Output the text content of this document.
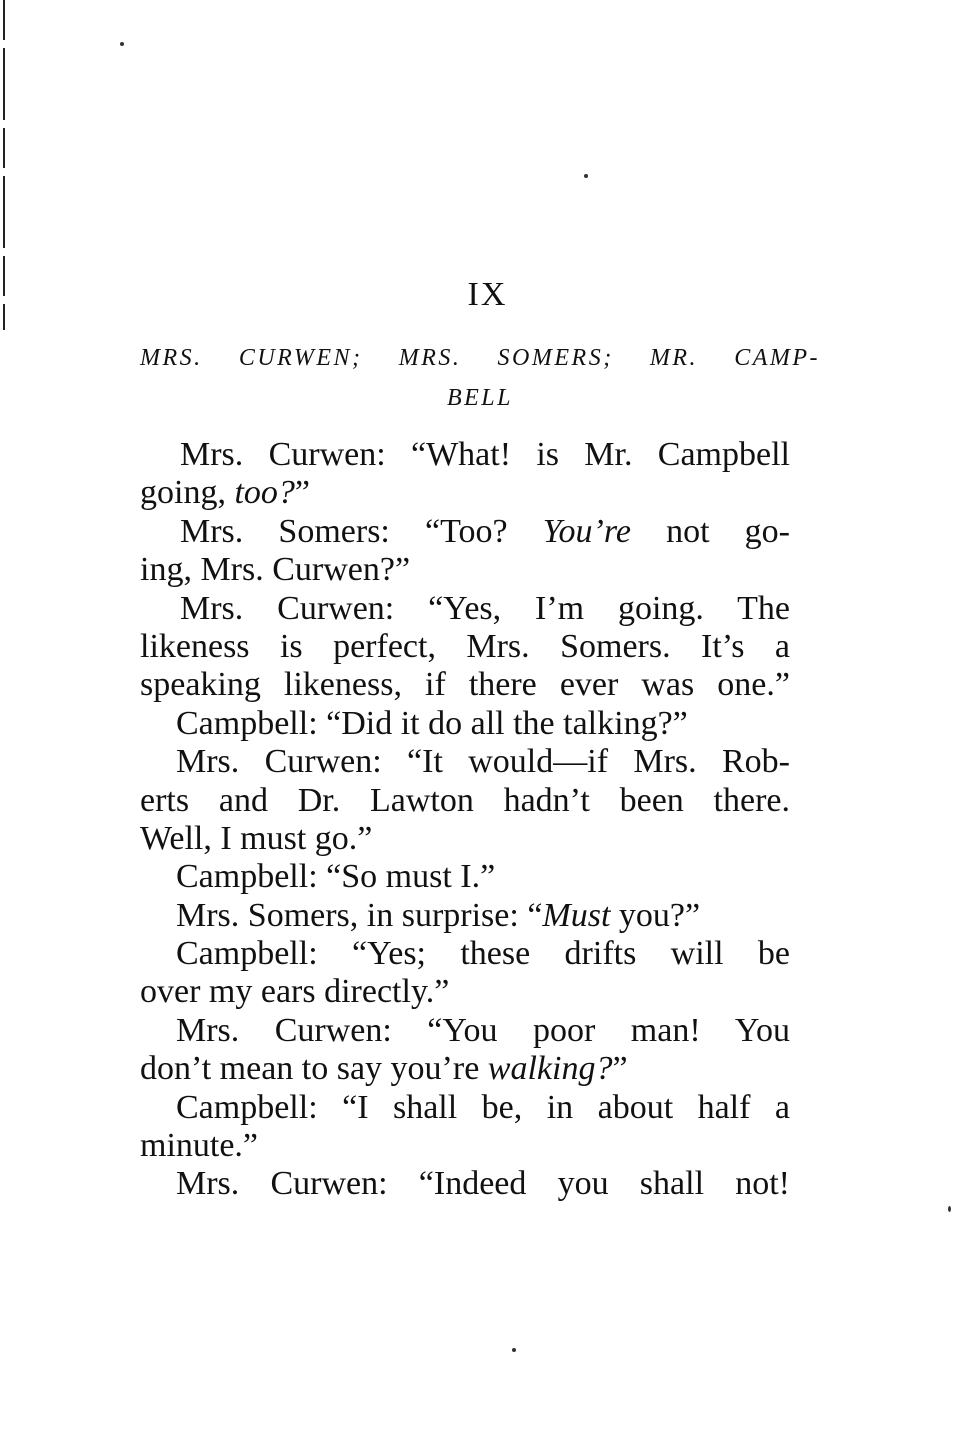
IX
MRS. CURWEN; MRS. SOMERS; MR. CAMP-
BELL
Mrs. Curwen: “What! is Mr. Campbell
going, too?”
Mrs. Somers: “Too? You’re not go-
ing, Mrs. Curwen?”
Mrs. Curwen: “Yes, I’m going. The
likeness is perfect, Mrs. Somers. It’s a
speaking likeness, if there ever was one.”
Campbell: “Did it do all the talking?”
Mrs. Curwen: “It would—if Mrs. Rob-
erts and Dr. Lawton hadn’t been there.
Well, I must go.”
Campbell: “So must I.”
Mrs. Somers, in surprise: “Must you?”
Campbell: “Yes; these drifts will be
over my ears directly.”
Mrs. Curwen: “You poor man! You
don’t mean to say you’re walking?”
Campbell: “I shall be, in about half a
minute.”
Mrs. Curwen: “Indeed you shall not!
